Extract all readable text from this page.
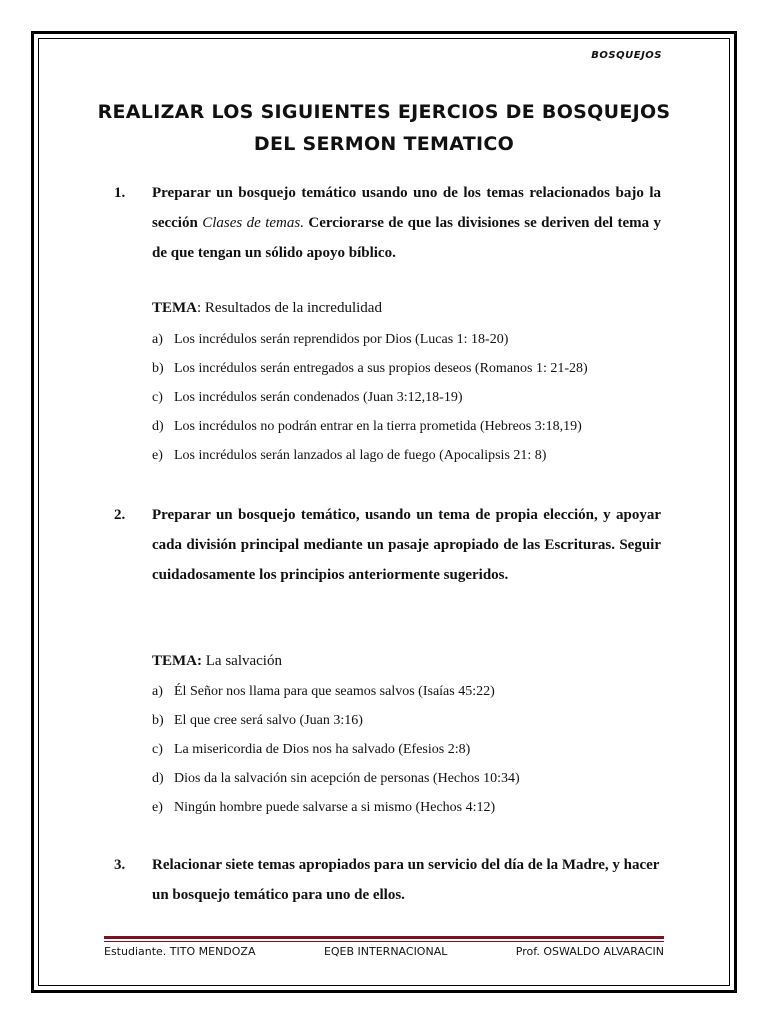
BOSQUEJOS
REALIZAR LOS SIGUIENTES EJERCIOS DE BOSQUEJOS
DEL SERMON TEMATICO
1.	Preparar un bosquejo temático usando uno de los temas relacionados bajo la sección Clases de temas. Cerciorarse de que las divisiones se deriven del tema y de que tengan un sólido apoyo bíblico.
TEMA: Resultados de la incredulidad
a) Los incrédulos serán reprendidos por Dios (Lucas 1: 18-20)
b) Los incrédulos serán entregados a sus propios deseos (Romanos 1: 21-28)
c) Los incrédulos serán condenados (Juan 3:12,18-19)
d) Los incrédulos no podrán entrar en la tierra prometida (Hebreos 3:18,19)
e) Los incrédulos serán lanzados al lago de fuego (Apocalipsis 21: 8)
2.	Preparar un bosquejo temático, usando un tema de propia elección, y apoyar cada división principal mediante un pasaje apropiado de las Escrituras. Seguir cuidadosamente los principios anteriormente sugeridos.
TEMA: La salvación
a) Él Señor nos llama para que seamos salvos (Isaías 45:22)
b) El que cree será salvo (Juan 3:16)
c) La misericordia de Dios nos ha salvado (Efesios 2:8)
d) Dios da la salvación sin acepción de personas (Hechos 10:34)
e) Ningún hombre puede salvarse a si mismo (Hechos 4:12)
3.	Relacionar siete temas apropiados para un servicio del día de la Madre, y hacer un bosquejo temático para uno de ellos.
Estudiante. TITO MENDOZA	EQEB INTERNACIONAL	Prof. OSWALDO ALVARACIN
